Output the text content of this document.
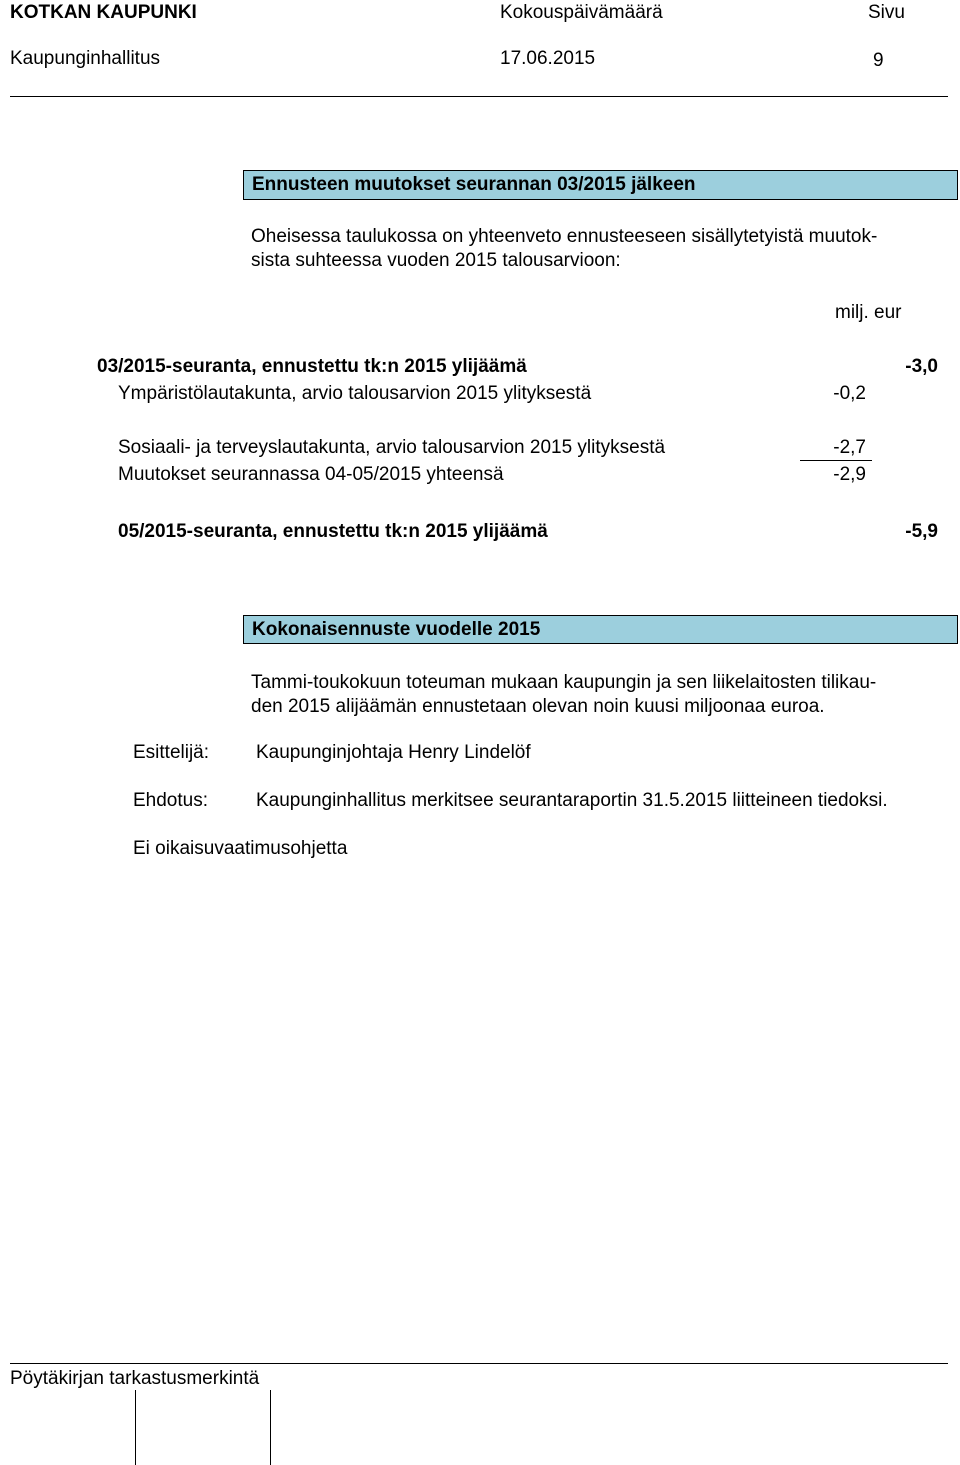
KOTKAN KAUPUNKI	Kokouspäivämäärä	Sivu
Kaupunginhallitus	17.06.2015	9
Ennusteen muutokset seurannan 03/2015 jälkeen
Oheisessa taulukossa on yhteenveto ennusteeseen sisällytetyistä muutok-
sista suhteessa vuoden 2015 talousarvioon:
milj. eur
03/2015-seuranta, ennustettu tk:n 2015 ylijäämä	-3,0
Ympäristölautakunta, arvio talousarvion 2015 ylityksestä	-0,2
Sosiaali- ja terveyslautakunta, arvio talousarvion 2015 ylityksestä	-2,7
Muutokset seurannassa 04-05/2015 yhteensä	-2,9
05/2015-seuranta, ennustettu tk:n 2015 ylijäämä	-5,9
Kokonaisennuste vuodelle 2015
Tammi-toukokuun toteuman mukaan kaupungin ja sen liikelaitosten tilikau-
den 2015 alijäämän ennustetaan olevan noin kuusi miljoonaa euroa.
Esittelijä: Kaupunginjohtaja Henry Lindelöf
Ehdotus:	Kaupunginhallitus merkitsee seurantaraportin 31.5.2015 liitteineen tiedoksi.
Ei oikaisuvaatimusohjetta
Pöytäkirjan tarkastusmerkintä
